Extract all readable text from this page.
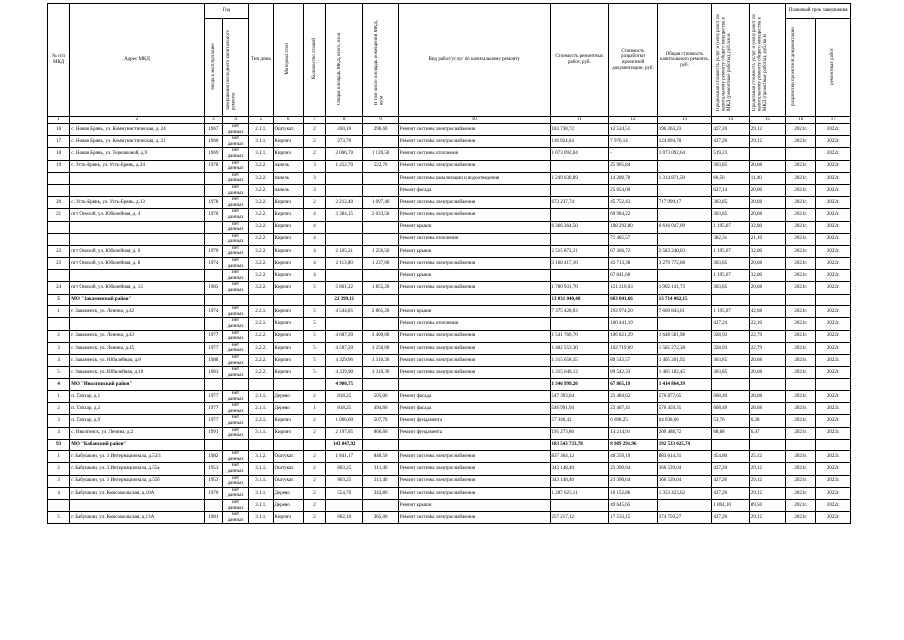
№ п/п МКД	Адрес МКД	Год		Тип дома	Материал стен	Количество этажей	Общая площадь МКД, всего, кв.м	В том числе площадь помещений МКД, кв.м	Вид работ/услуг по капитальному ремонту	Стоимость ремонтных работ, руб.	Стоимость разработки проектной документации, руб.	Общая стоимость капитального ремонта, руб.	Предельная стоимость услуг и (или) работ по капитальному ремонту общего имущества в МКД (ремонтные работы), руб./кв.м	Предельная стоимость услуг и (или) работ по капитальному ремонту общего имущества в МКД (проектные работы), руб./кв.м	Плановый срок завершения	
		ввода в эксплуатацию	завершения последнего капитального ремонта												разработки проектной документации	ремонтных работ
1	2	3	4	5	6	7	8	9	10	11	12	13	14	15	16	17
16	с. Новая Брянь, ул. Коммунистическая, д. 24	1967	нет данных	2.1.1.	Оштукат.	2	430,10	296,60	Ремонт системы электроснабжения	183 738,72	12 524,51	196 263,23	427,20	29,12	2021г.	2022г.
17	с. Новая Брянь, ул. Коммунистическая, д. 21	1966	нет данных	3.1.1.	Кирпич	2	273,70		Ремонт системы электроснабжения	116 924,64	7 970,14	124 894,78	427,20	29,12	2021г.	2022г.
18	с. Новая Брянь, ул. Терешковой, д.9	1969	нет данных	3.1.1.	Кирпич	2	2 066,70	1 139,50	Ремонт системы отопления	1 073 092,64	-	1 073 092,64	519,23			2022г.
19	с. Усть-Брянь, ул. Усть-Брянь, д.24	1978	нет данных	3.2.2.	панель	3	1 252,70	522,70	Ремонт системы электроснабжения		25 905,84		303,85	20,68	2021г.	2022г.
			нет данных	3.2.2.	панель	3			Ремонт системы канализации и водоотведения	1 249 630,89	14 280,78	1 314 871,50	66,56	11,40	2021г.	2022г.
			нет данных	3.2.2.	панель	3			Ремонт фасада		25 054,00		627,14	20,00	2021г.	2022г.
20	с. Усть-Брянь, ул. Усть-Брянь, д.13	1978	нет данных	3.2.2.	Кирпич	2	2 212,40	1 097,40	Ремонт системы электроснабжения	672 237,74	45 752,43	717 990,17	303,85	20,68	2021г.	2022г.
21	пгт Онохой, ул. Юбилейная, д. 4	1970	нет данных	3.2.2.	Кирпич	4	3 384,15	2 033,50	Ремонт системы электроснабжения		69 984,22		303,85	20,68	2021г.	2022г.
			нет данных	3.2.2.	Кирпич	4			Ремонт крыши	6 366 364,50	108 292,80	6 616 047,09	1 195,07	32,00	2021г.	2022г.
			нет данных	3.2.2.	Кирпич	4			Ремонт системы отопления		71 405,57		382,31	21,10	2021г.	2022г.
22	пгт Онохой, ул. Юбилейная, д. 6	1970	нет данных	3.2.2.	Кирпич	4	2 105,21	1 256,50	Ремонт крыши	2 515 873,31	67 366,72	2 583 240,03	1 195,07	32,00	2021г.	2022г.
23	пгт Онохой, ул. Юбилейная, д. 8	1974	нет данных	3.2.2.	Кирпич	4	2 113,80	1 237,00	Ремонт системы электроснабжения	3 168 417,10	43 713,38	3 279 772,08	303,85	20,68	2021г.	2022г.
			нет данных	3.2.2.	Кирпич	4			Ремонт крыши		67 641,60		1 195,07	32,00	2021г.	2022г.
24	пгт Онохой, ул. Юбилейная, д. 13	1983	нет данных	3.2.2.	Кирпич	5	5 861,22	1 855,20	Ремонт системы электроснабжения	1 780 931,70	121 210,03	1 902 141,73	303,85	20,68	2021г.	2022г.
5	МО "Закаменский район"						22 399,11			13 031 040,48	683 041,66	13 714 082,15				
1	г. Закаменск, ул. Ленина, д.42	1974	нет данных	2.2.1.	Кирпич	5	4 544,85	2 865,20	Ремонт крыши	7 375 428,03	193 974,20	7 669 843,61	1 195,07	42,68	2021г.	2022г.
			нет данных	2.2.1.	Кирпич	5			Ремонт системы отопления		100 441,19		427,24	22,10	2021г.	2022г.
2	г. Закаменск, ул. Ленина, д.43	1977	нет данных	2.2.2.	Кирпич	5	4 687,20	3 400,00	Ремонт системы электроснабжения	1 541 760,70	106 821,29	1 648 581,98	328,93	22,79	2021г.	2022г.
3	г. Закаменск, ул. Ленина, д.45	1977	нет данных	2.2.2.	Кирпич	5	4 507,20	3 250,00	Ремонт системы электроснабжения	1 482 553,30	102 719,09	1 585 272,38	328,93	22,79	2021г.	2022г.
4	г. Закаменск, ул. Юбилейная, д.8	1988	нет данных	2.2.2.	Кирпич	5	4 329,96	3 310,30	Ремонт системы электроснабжения	1 315 658,35	89 543,57	1 405 201,92	303,85	20,68	2021г.	2022г.
5	г. Закаменск, ул. Юбилейная, д.10	1983	нет данных	2.2.2.	Кирпич	5	4 329,90	3 310,30	Ремонт системы электроснабжения	1 315 640,12	89 542,33	1 405 182,45	303,85	20,68	2021г.	2022г.
4	МО "Иволгинский район"						4 900,75			1 346 999,20	67 865,19	1 414 864,39				
1	п. Тапхар, д.1	1977	нет данных	2.1.1.	Дерево	2	818,25	505,00	Ремонт фасада	547 393,04	23 484,62	570 877,65	668,49	28,68	2021г.	2022г.
2	п. Тапхар, д.2	1977	нет данных	2.1.1.	Дерево	1	818,25	494,60	Ремонт фасада	546 991,94	23 467,41	570 459,35	668,49	28,68	2021г.	2022г.
3	п. Тапхар, д.9	1977	нет данных	2.2.1.	Кирпич	2	1 066,60	507,70	Ремонт фундамента	57 340,42	6 698,25	64 038,66	53,76	6,28	2021г.	2022г.
4	с. Иволгинск, ул. Ленина, д.2	1991	нет данных	3.1.1.	Кирпич	2	2 197,05	866,60	Ремонт фундамента	195 273,80	14 214,91	209 488,72	88,88	6,47	2021г.	2022г.
93	МО "Кабанский район"						143 847,92			183 543 733,78	8 989 291,96	192 533 025,74				
1	г. Бабушкин, ул. 3 Интернационала, д.53/1	1982	нет данных	3.1.2.	Оштукат.	2	1 841,17	840,50	Ремонт системы электроснабжения	837 364,12	46 250,19	883 614,31	454,80	25,12	2021г.	2022г.
2	г. Бабушкин, ул. 3 Интернационала, д.55а	1953	нет данных	3.1.1.	Оштукат.	2	803,25	311,40	Ремонт системы электроснабжения	343 148,40	23 390,64	366 539,04	427,20	29,12	2021г.	2022г.
3	г. Бабушкин, ул. 3 Интернационала, д.55б	1953	нет данных	3.1.1.	Оштукат.	2	803,25	311,40	Ремонт системы электроснабжения	343 148,40	23 390,64	366 539,04	427,20	29,12	2021г.	2022г.
4	г. Бабушкин, ул. Комсомольская, д.10А	1970	нет данных	3.1.1.	Дерево	2	554,70	343,80	Ремонт системы электроснабжения	1 287 625,11	16 152,86	1 353 423,62	427,20	29,12	2021г.	2022г.
			нет данных	3.1.1.	Дерево	2			Ремонт крыши		49 645,65		1 894,10	89,50	2021г.	2022г.
5	г. Бабушкин, ул. Комсомольская, д.13А	1981	нет данных	3.1.1.	Кирпич	2	602,10	365,00	Ремонт системы электроснабжения	257 217,12	17 533,15	274 750,27	427,20	29,12	2021г.	2022г.
